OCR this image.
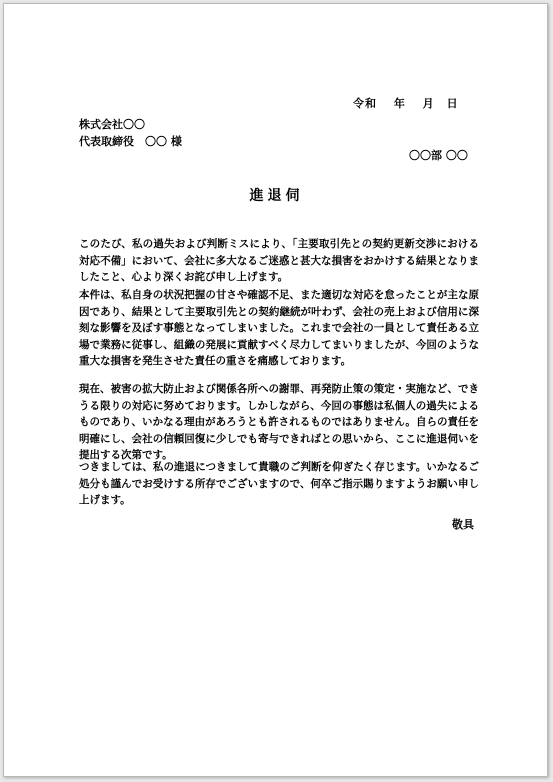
令和　 年　 月　日
株式会社〇〇
代表取締役　〇〇 様
〇〇部 〇〇
進退伺
このたび、私の過失および判断ミスにより、「主要取引先との契約更新交渉における対応不備」において、会社に多大なるご迷惑と甚大な損害をおかけする結果となりましたこと、心より深くお詫び申し上げます。
本件は、私自身の状況把握の甘さや確認不足、また適切な対応を怠ったことが主な原因であり、結果として主要取引先との契約継続が叶わず、会社の売上および信用に深刻な影響を及ぼす事態となってしまいました。これまで会社の一員として責任ある立場で業務に従事し、組織の発展に貢献すべく尽力してまいりましたが、今回のような重大な損害を発生させた責任の重さを痛感しております。
現在、被害の拡大防止および関係各所への謝罪、再発防止策の策定・実施など、できうる限りの対応に努めております。しかしながら、今回の事態は私個人の過失によるものであり、いかなる理由があろうとも許されるものではありません。自らの責任を明確にし、会社の信頼回復に少しでも寄与できればとの思いから、ここに進退伺いを提出する次第です。
つきましては、私の進退につきまして貴職のご判断を仰ぎたく存じます。いかなるご処分も謹んでお受けする所存でございますので、何卒ご指示賜りますようお願い申し上げます。
敬具
